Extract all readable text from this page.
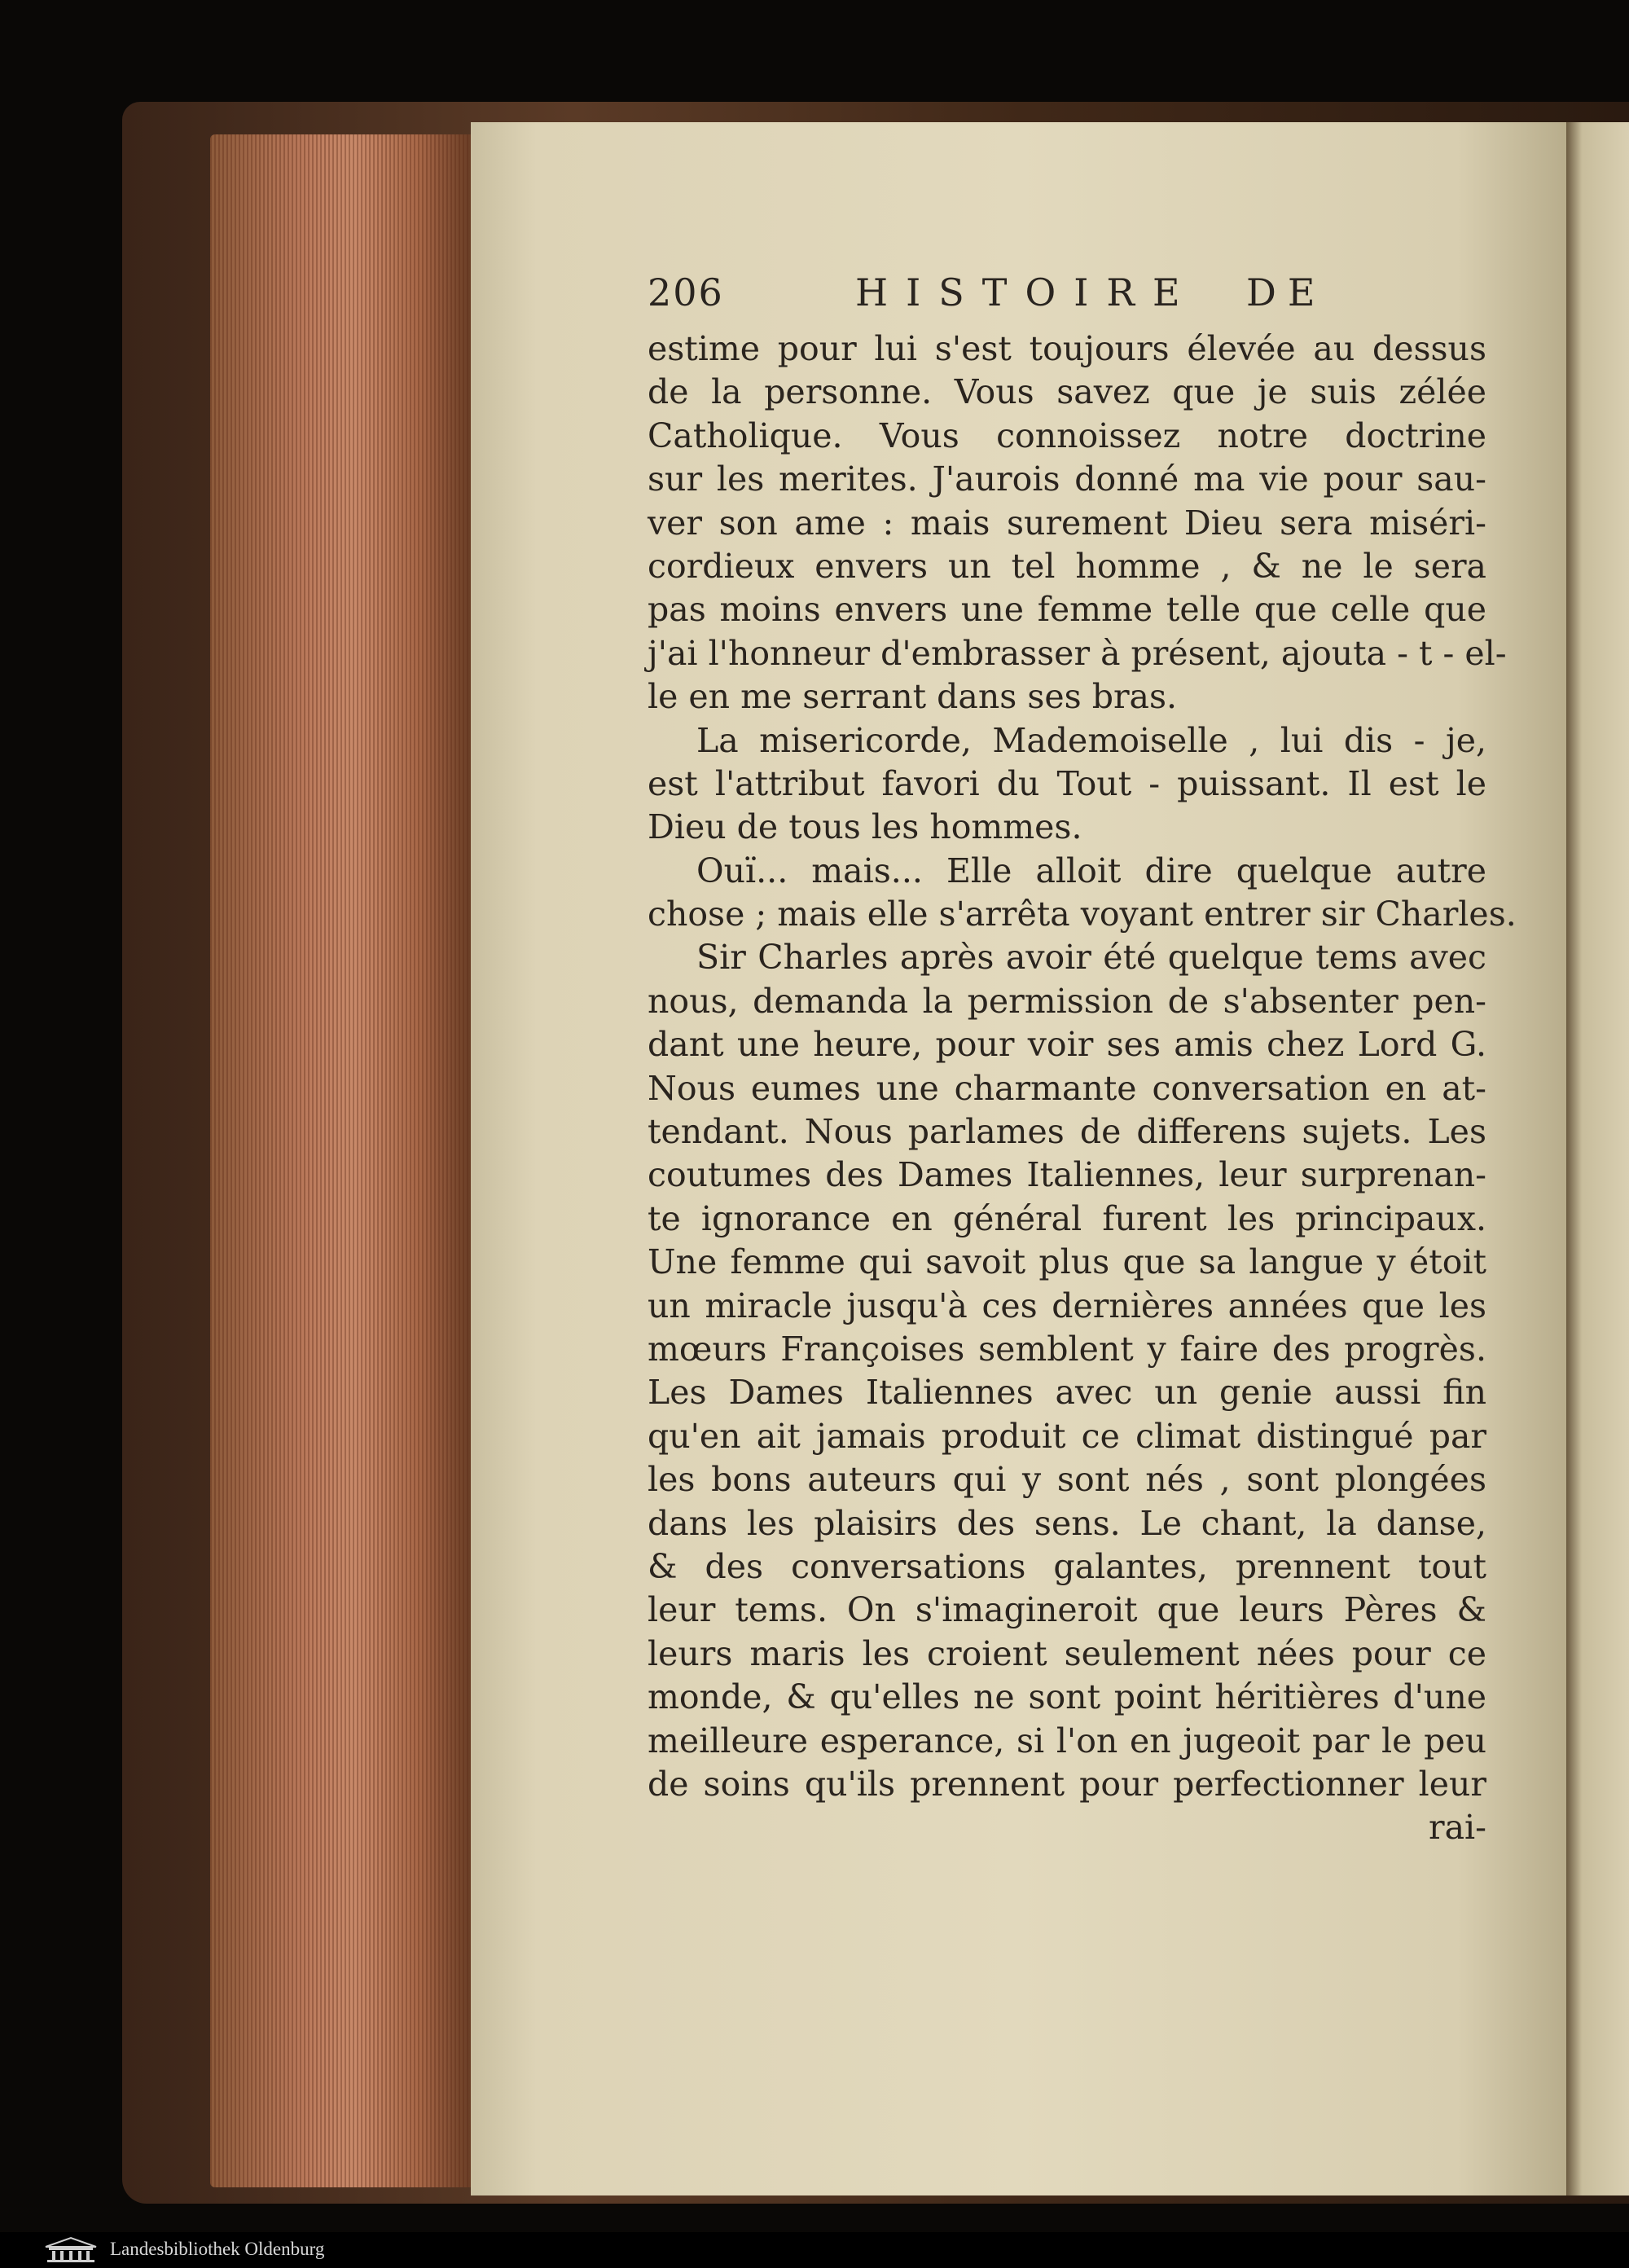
206	HISTOIRE DE
estime pour lui s'est toujours élevée au dessus
de la personne. Vous savez que je suis zélée
Catholique. Vous connoissez notre doctrine
sur les merites. J'aurois donné ma vie pour sau-
ver son ame : mais surement Dieu sera miséri-
cordieux envers un tel homme , & ne le sera
pas moins envers une femme telle que celle que
j'ai l'honneur d'embrasser à présent, ajouta - t - el-
le en me serrant dans ses bras.
La misericorde, Mademoiselle , lui dis - je,
est l'attribut favori du Tout - puissant. Il est le
Dieu de tous les hommes.
Ouï... mais... Elle alloit dire quelque autre
chose ; mais elle s'arrêta voyant entrer sir Charles.
Sir Charles après avoir été quelque tems avec
nous, demanda la permission de s'absenter pen-
dant une heure, pour voir ses amis chez Lord G.
Nous eumes une charmante conversation en at-
tendant. Nous parlames de differens sujets. Les
coutumes des Dames Italiennes, leur surprenan-
te ignorance en général furent les principaux.
Une femme qui savoit plus que sa langue y étoit
un miracle jusqu'à ces dernières années que les
mœurs Françoises semblent y faire des progrès.
Les Dames Italiennes avec un genie aussi fin
qu'en ait jamais produit ce climat distingué par
les bons auteurs qui y sont nés , sont plongées
dans les plaisirs des sens. Le chant, la danse,
& des conversations galantes, prennent tout
leur tems. On s'imagineroit que leurs Pères &
leurs maris les croient seulement nées pour ce
monde, & qu'elles ne sont point héritières d'une
meilleure esperance, si l'on en jugeoit par le peu
de soins qu'ils prennent pour perfectionner leur
rai-
Landesbibliothek Oldenburg
